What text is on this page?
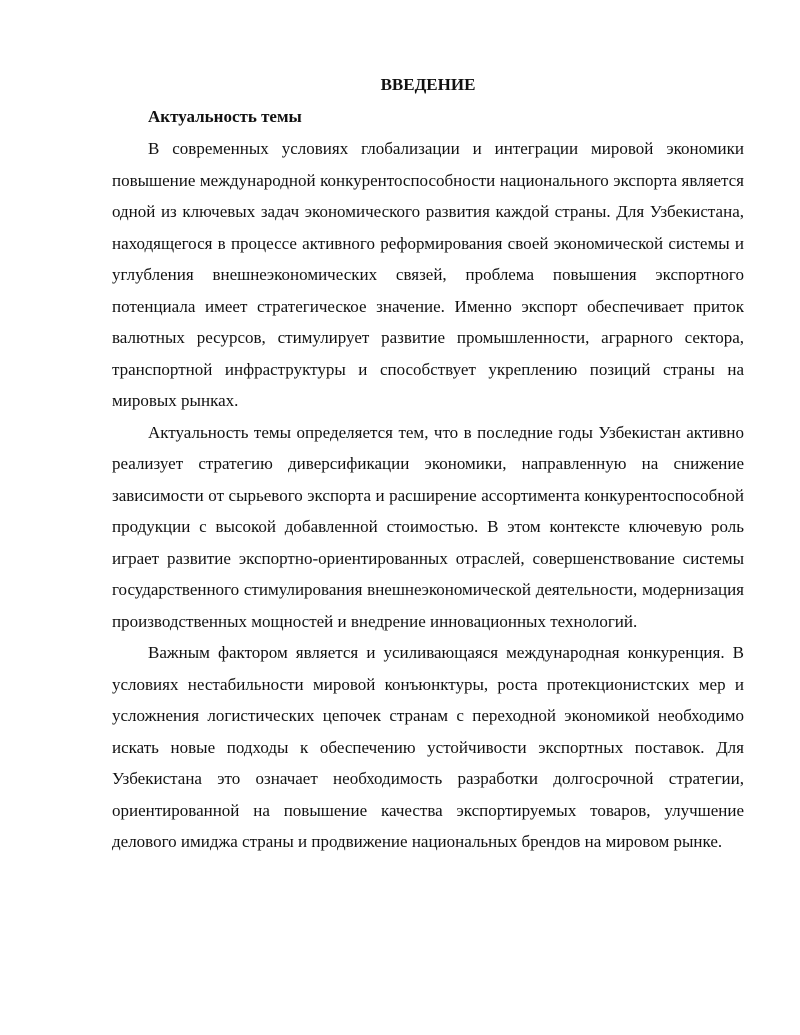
ВВЕДЕНИЕ
Актуальность темы

В современных условиях глобализации и интеграции мировой экономики повышение международной конкурентоспособности национального экспорта является одной из ключевых задач экономического развития каждой страны. Для Узбекистана, находящегося в процессе активного реформирования своей экономической системы и углубления внешнеэкономических связей, проблема повышения экспортного потенциала имеет стратегическое значение. Именно экспорт обеспечивает приток валютных ресурсов, стимулирует развитие промышленности, аграрного сектора, транспортной инфраструктуры и способствует укреплению позиций страны на мировых рынках.

Актуальность темы определяется тем, что в последние годы Узбекистан активно реализует стратегию диверсификации экономики, направленную на снижение зависимости от сырьевого экспорта и расширение ассортимента конкурентоспособной продукции с высокой добавленной стоимостью. В этом контексте ключевую роль играет развитие экспортно-ориентированных отраслей, совершенствование системы государственного стимулирования внешнеэкономической деятельности, модернизация производственных мощностей и внедрение инновационных технологий.

Важным фактором является и усиливающаяся международная конкуренция. В условиях нестабильности мировой конъюнктуры, роста протекционистских мер и усложнения логистических цепочек странам с переходной экономикой необходимо искать новые подходы к обеспечению устойчивости экспортных поставок. Для Узбекистана это означает необходимость разработки долгосрочной стратегии, ориентированной на повышение качества экспортируемых товаров, улучшение делового имиджа страны и продвижение национальных брендов на мировом рынке.
